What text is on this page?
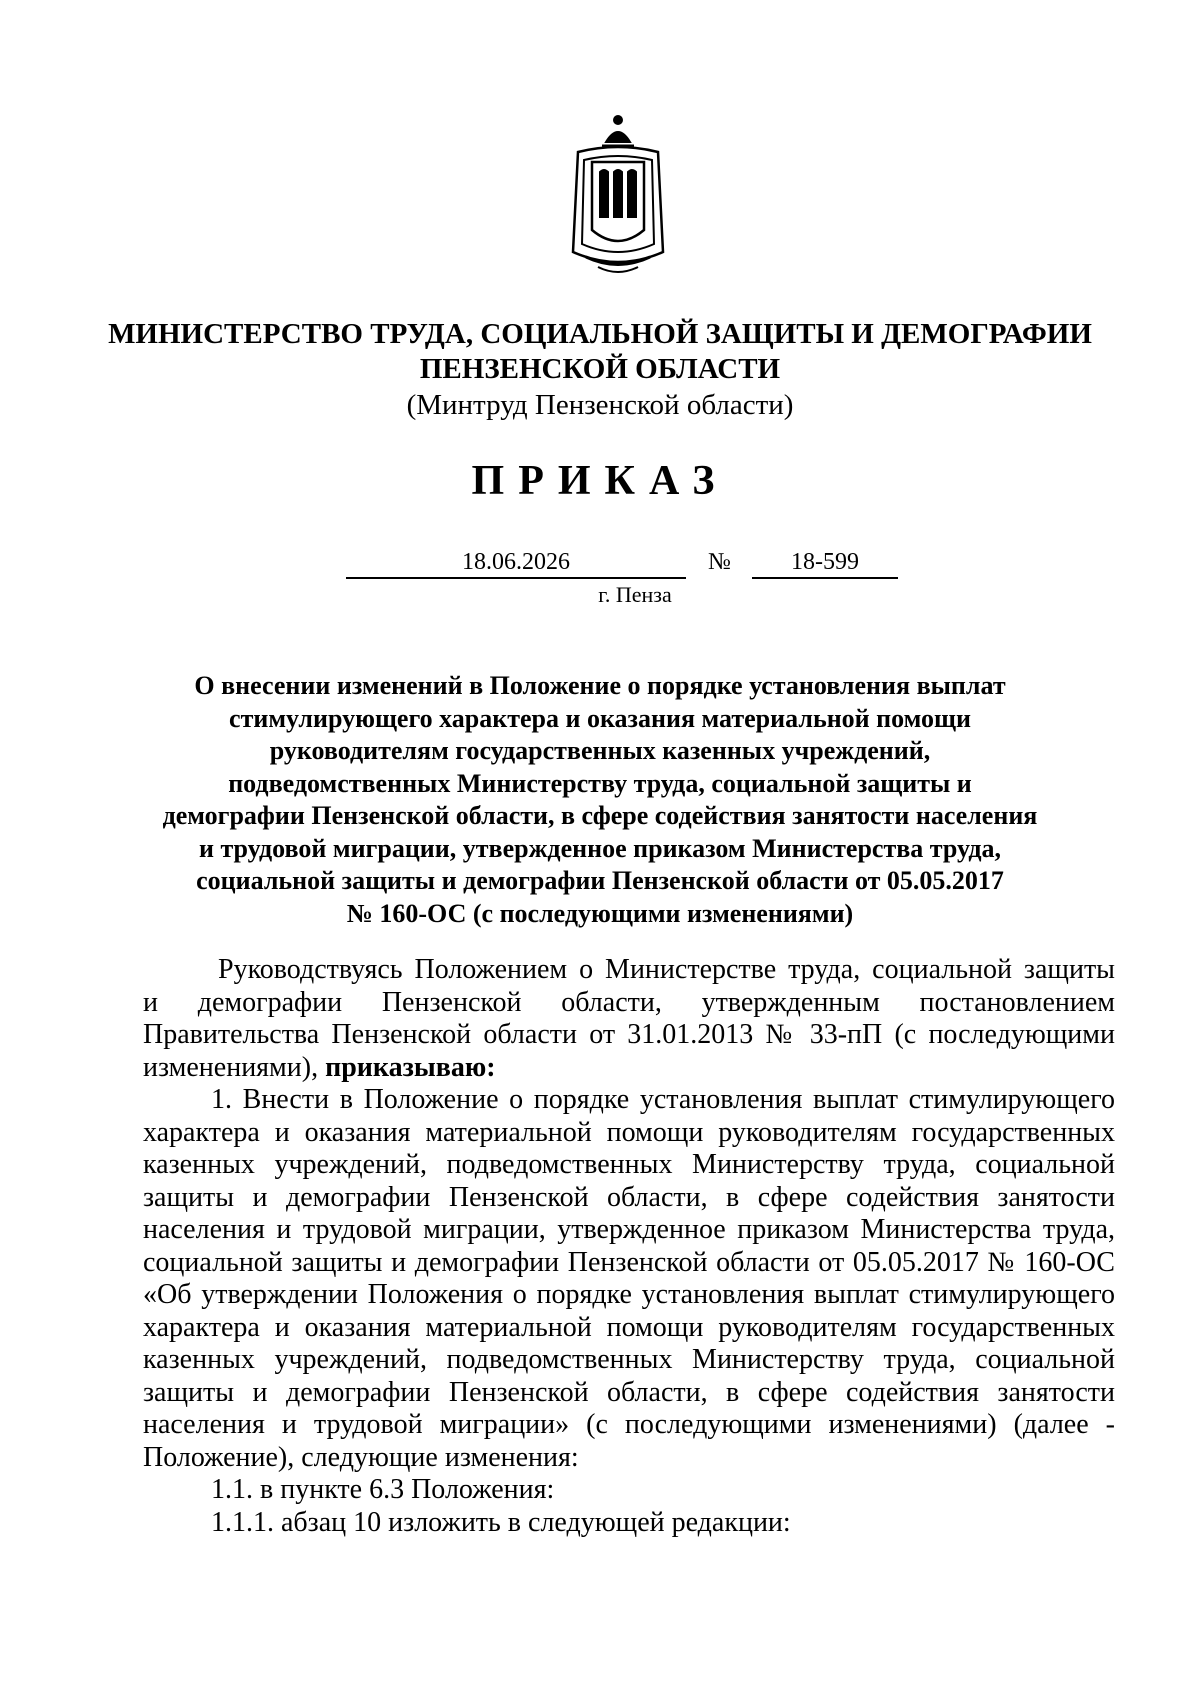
МИНИСТЕРСТВО ТРУДА, СОЦИАЛЬНОЙ ЗАЩИТЫ И ДЕМОГРАФИИ
ПЕНЗЕНСКОЙ ОБЛАСТИ
(Минтруд Пензенской области)
ПРИКАЗ
18.06.2026	№	18-599
г. Пенза
О внесении изменений в Положение о порядке установления выплат
стимулирующего характера и оказания материальной помощи
руководителям государственных казенных учреждений,
подведомственных Министерству труда, социальной защиты и
демографии Пензенской области, в сфере содействия занятости населения
и трудовой миграции, утвержденное приказом Министерства труда,
социальной защиты и демографии Пензенской области от 05.05.2017
№ 160-ОС (с последующими изменениями)
Руководствуясь Положением о Министерстве труда, социальной защиты
и демографии Пензенской области, утвержденным постановлением
Правительства Пензенской области от 31.01.2013 № 33-пП (с последующими
изменениями), приказываю:
1. Внести в Положение о порядке установления выплат стимулирующего
характера и оказания материальной помощи руководителям государственных
казенных учреждений, подведомственных Министерству труда, социальной
защиты и демографии Пензенской области, в сфере содействия занятости
населения и трудовой миграции, утвержденное приказом Министерства труда,
социальной защиты и демографии Пензенской области от 05.05.2017 № 160-ОС
«Об утверждении Положения о порядке установления выплат стимулирующего
характера и оказания материальной помощи руководителям государственных
казенных учреждений, подведомственных Министерству труда, социальной
защиты и демографии Пензенской области, в сфере содействия занятости
населения и трудовой миграции» (с последующими изменениями) (далее -
Положение), следующие изменения:
1.1. в пункте 6.3 Положения:
1.1.1. абзац 10 изложить в следующей редакции:
